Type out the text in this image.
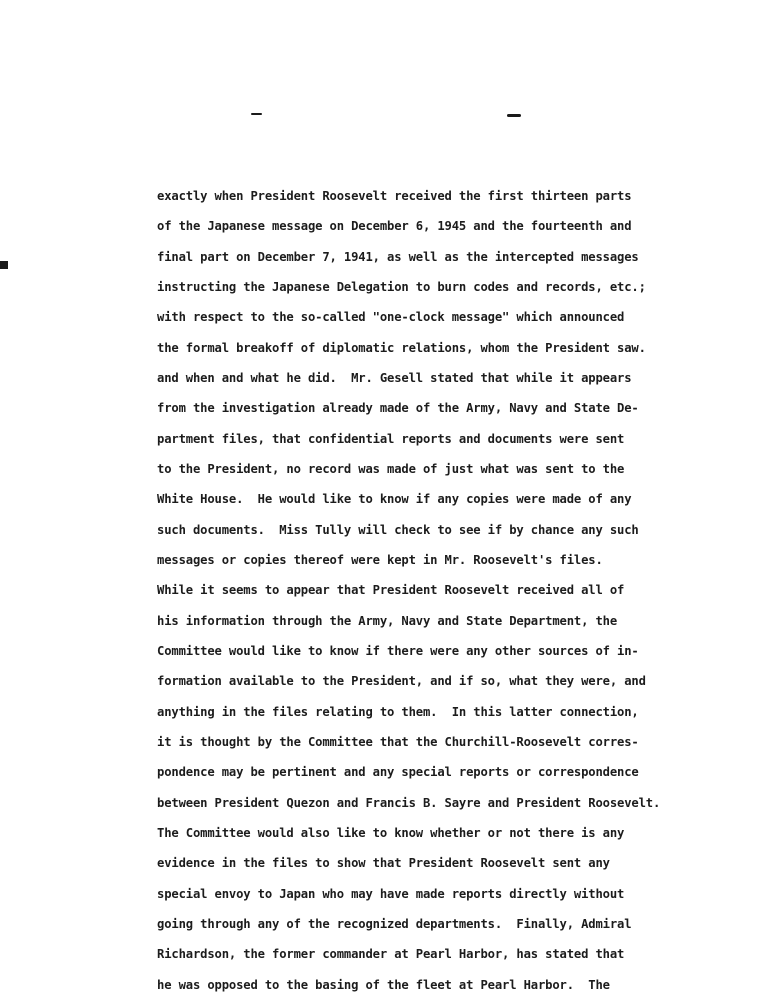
exactly when President Roosevelt received the first thirteen parts
of the Japanese message on December 6, 1945 and the fourteenth and
final part on December 7, 1941, as well as the intercepted messages
instructing the Japanese Delegation to burn codes and records, etc.;
with respect to the so-called "one-clock message" which announced
the formal breakoff of diplomatic relations, whom the President saw.
and when and what he did.  Mr. Gesell stated that while it appears
from the investigation already made of the Army, Navy and State De-
partment files, that confidential reports and documents were sent
to the President, no record was made of just what was sent to the
White House.  He would like to know if any copies were made of any
such documents.  Miss Tully will check to see if by chance any such
messages or copies thereof were kept in Mr. Roosevelt's files.
While it seems to appear that President Roosevelt received all of
his information through the Army, Navy and State Department, the
Committee would like to know if there were any other sources of in-
formation available to the President, and if so, what they were, and
anything in the files relating to them.  In this latter connection,
it is thought by the Committee that the Churchill-Roosevelt corres-
pondence may be pertinent and any special reports or correspondence
between President Quezon and Francis B. Sayre and President Roosevelt.
The Committee would also like to know whether or not there is any
evidence in the files to show that President Roosevelt sent any
special envoy to Japan who may have made reports directly without
going through any of the recognized departments.  Finally, Admiral
Richardson, the former commander at Pearl Harbor, has stated that
he was opposed to the basing of the fleet at Pearl Harbor.  The
